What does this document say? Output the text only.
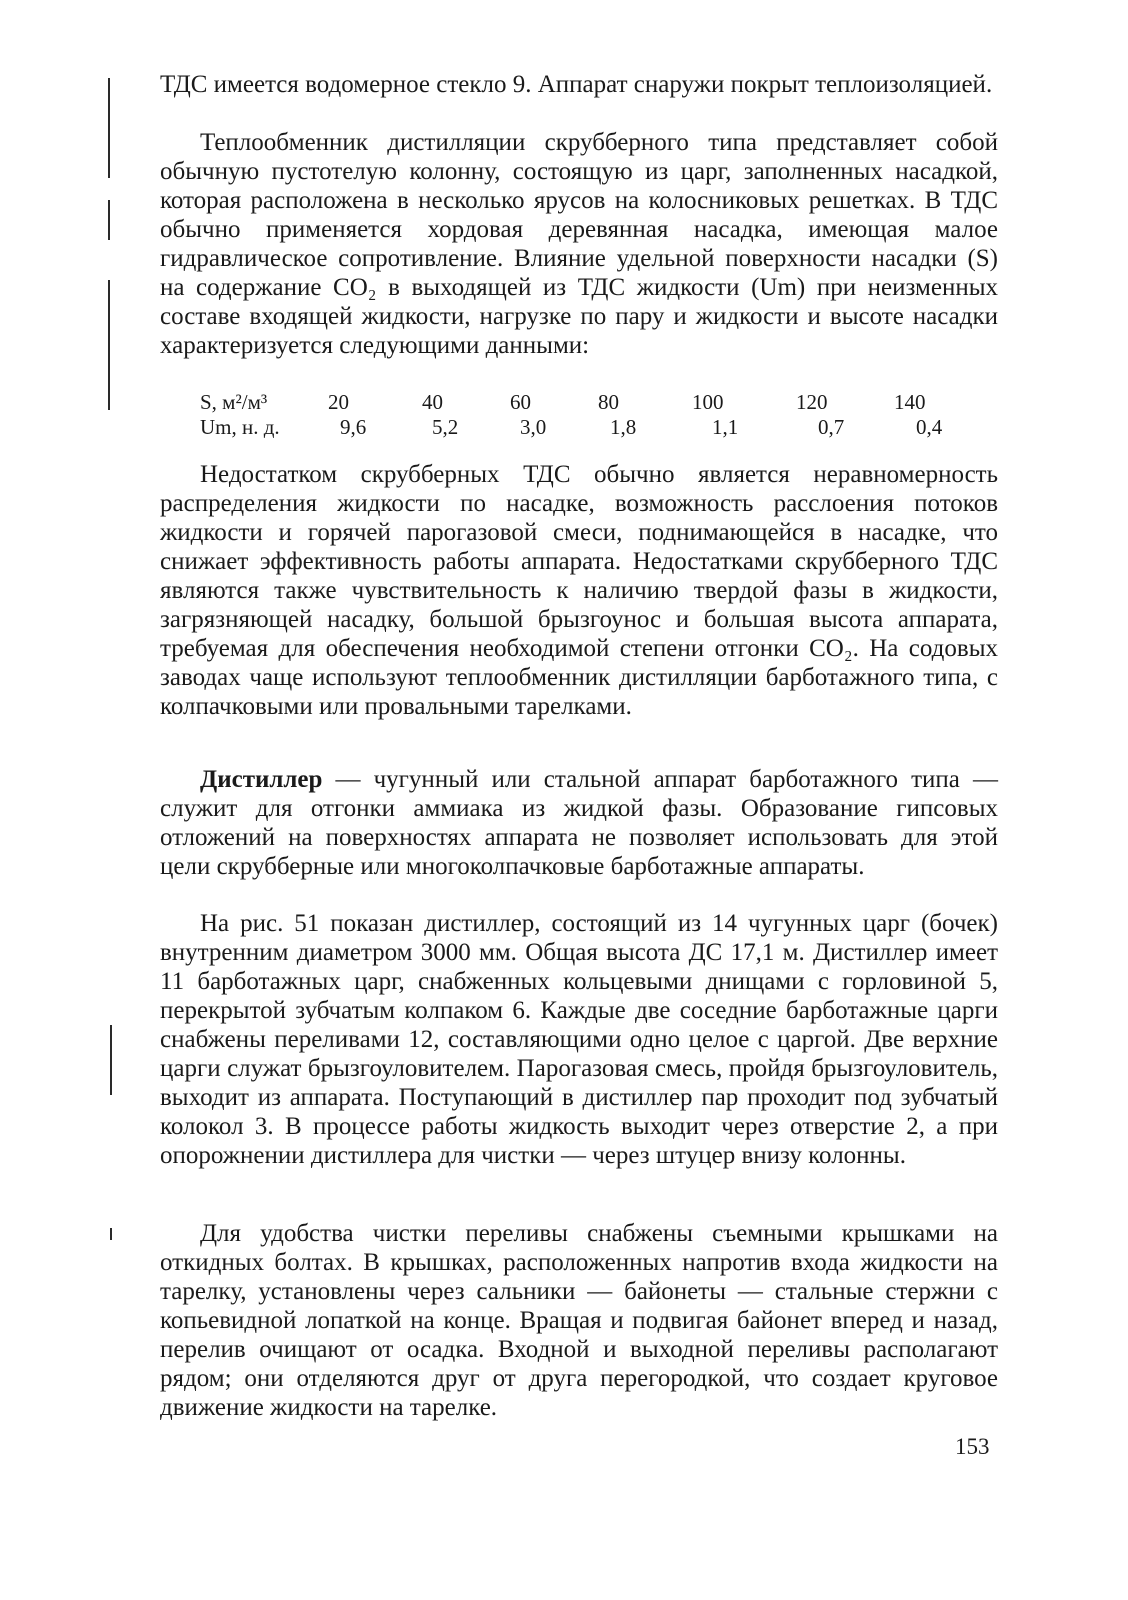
ТДС имеется водомерное стекло 9. Аппарат снаружи покрыт теплоизоляцией.

Теплообменник дистилляции скрубберного типа представляет собой обычную пустотелую колонну, состоящую из царг, заполненных насадкой, которая расположена в несколько ярусов на колосниковых решетках. В ТДС обычно применяется хордовая деревянная насадка, имеющая малое гидравлическое сопротивление. Влияние удельной поверхности насадки (S) на содержание CO₂ в выходящей из ТДС жидкости (Um) при неизменных составе входящей жидкости, нагрузке по пару и жидкости и высоте насадки характеризуется следующими данными:

S, м²/м³	20	40	60	80	100	120	140
Um, н. д.	9,6	5,2	3,0	1,8	1,1	0,7	0,4

Недостатком скрубберных ТДС обычно является неравномерность распределения жидкости по насадке, возможность расслоения потоков жидкости и горячей парогазовой смеси, поднимающейся в насадке, что снижает эффективность работы аппарата. Недостатками скрубберного ТДС являются также чувствительность к наличию твердой фазы в жидкости, загрязняющей насадку, большой брызгоунос и большая высота аппарата, требуемая для обеспечения необходимой степени отгонки CO₂. На содовых заводах чаще используют теплообменник дистилляции барботажного типа, с колпачковыми или провальными тарелками.

Дистиллер — чугунный или стальной аппарат барботажного типа — служит для отгонки аммиака из жидкой фазы. Образование гипсовых отложений на поверхностях аппарата не позволяет использовать для этой цели скрубберные или многоколпачковые барботажные аппараты.

На рис. 51 показан дистиллер, состоящий из 14 чугунных царг (бочек) внутренним диаметром 3000 мм. Общая высота ДС 17,1 м. Дистиллер имеет 11 барботажных царг, снабженных кольцевыми днищами с горловиной 5, перекрытой зубчатым колпаком 6. Каждые две соседние барботажные царги снабжены переливами 12, составляющими одно целое с царгой. Две верхние царги служат брызгоуловителем. Парогазовая смесь, пройдя брызгоуловитель, выходит из аппарата. Поступающий в дистиллер пар проходит под зубчатый колокол 3. В процессе работы жидкость выходит через отверстие 2, а при опорожнении дистиллера для чистки — через штуцер внизу колонны.

Для удобства чистки переливы снабжены съемными крышками на откидных болтах. В крышках, расположенных напротив входа жидкости на тарелку, установлены через сальники — байонеты — стальные стержни с копьевидной лопаткой на конце. Вращая и подвигая байонет вперед и назад, перелив очищают от осадка. Входной и выходной переливы располагают рядом; они отделяются друг от друга перегородкой, что создает круговое движение жидкости на тарелке.

153
